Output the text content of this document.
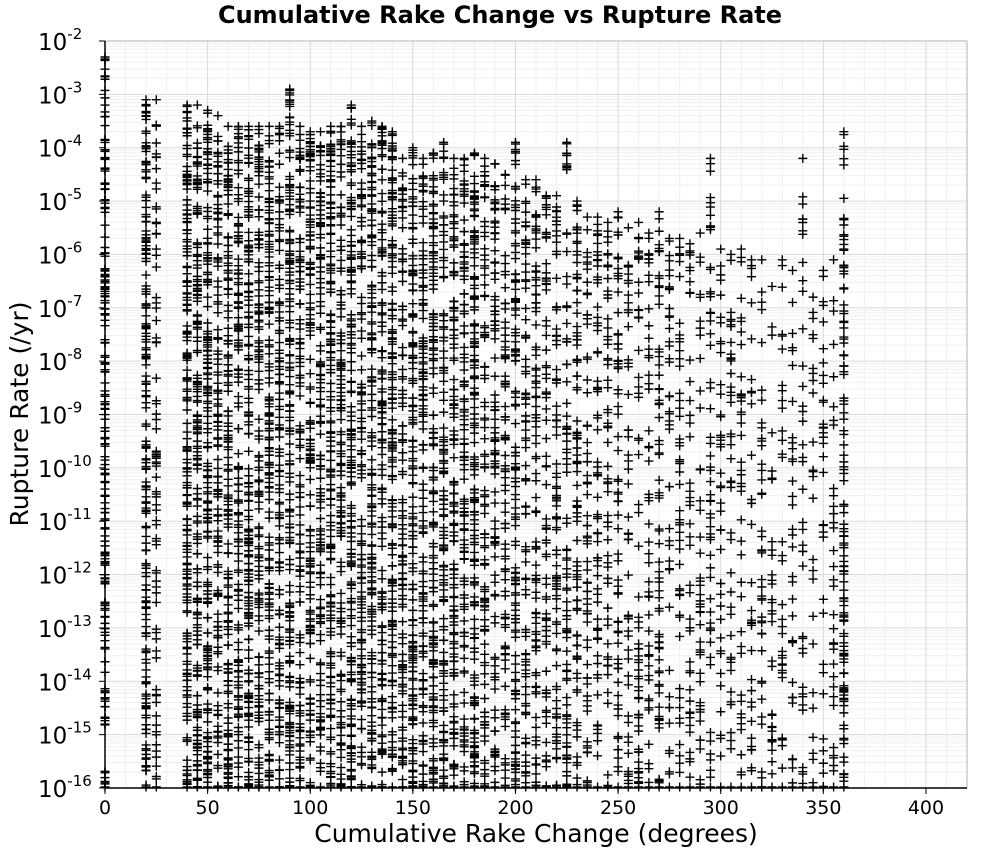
Cumulative Rake Change vs Rupture Rate
0	50	100	150	200	250	300	350	400
$10^{-16}$
$10^{-15}$
$10^{-14}$
$10^{-13}$
$10^{-12}$
$10^{-11}$
$10^{-10}$
$10^{-9}$
$10^{-8}$
$10^{-7}$
$10^{-6}$
$10^{-5}$
$10^{-4}$
$10^{-3}$
$10^{-2}$
Cumulative Rake Change (degrees)
Rupture Rate (/yr)
